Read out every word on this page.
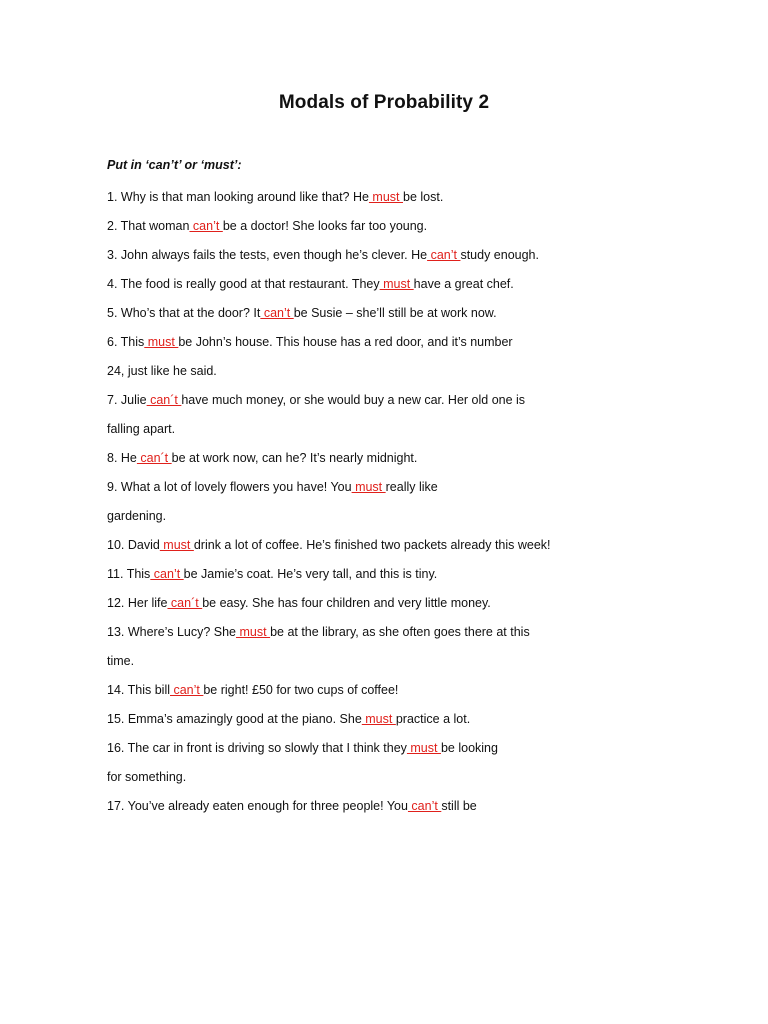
Modals of Probability 2
Put in ‘can’t’ or ‘must’:
1. Why is that man looking around like that? He must be lost.
2. That woman can’t be a doctor! She looks far too young.
3. John always fails the tests, even though he’s clever. He can’t study enough.
4. The food is really good at that restaurant. They must have a great chef.
5. Who’s that at the door? It can’t be Susie – she’ll still be at work now.
6. This must be John’s house. This house has a red door, and it’s number
24, just like he said.
7. Julie can´t have much money, or she would buy a new car. Her old one is
falling apart.
8. He can´t be at work now, can he? It’s nearly midnight.
9. What a lot of lovely flowers you have! You must really like
gardening.
10. David must drink a lot of coffee. He’s finished two packets already this week!
11. This can’t be Jamie’s coat. He’s very tall, and this is tiny.
12. Her life can´t be easy. She has four children and very little money.
13. Where’s Lucy? She must be at the library, as she often goes there at this
time.
14. This bill can’t be right! £50 for two cups of coffee!
15. Emma’s amazingly good at the piano. She must practice a lot.
16. The car in front is driving so slowly that I think they must be looking
for something.
17. You’ve already eaten enough for three people! You can’t still be
